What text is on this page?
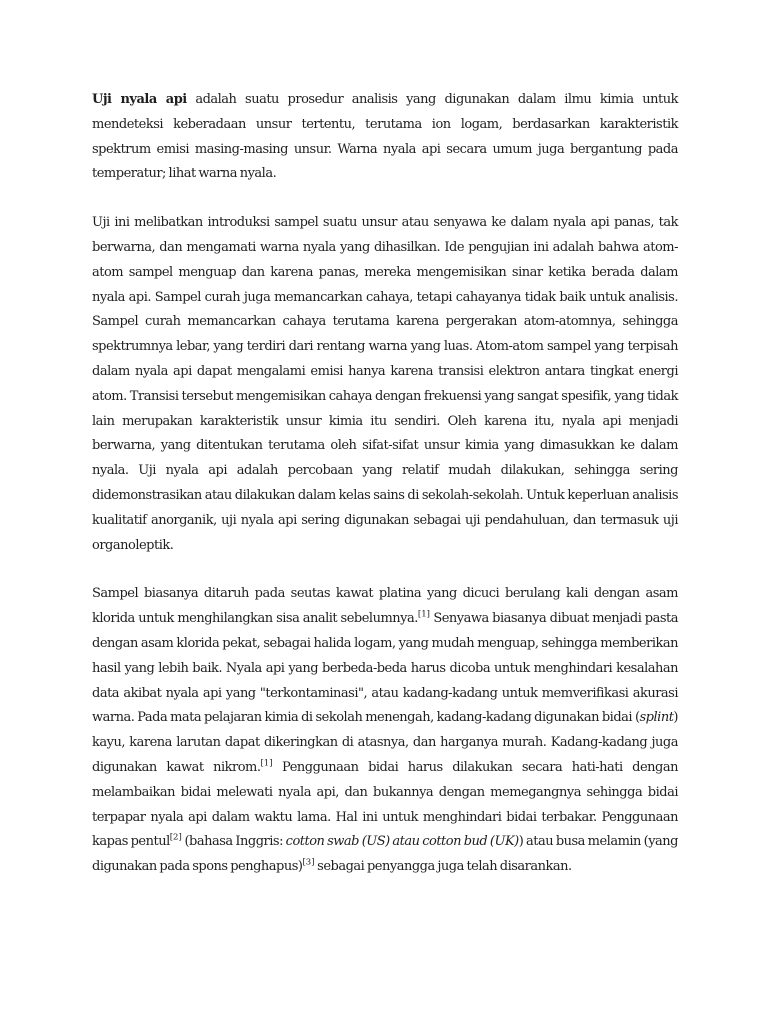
Uji nyala api adalah suatu prosedur analisis yang digunakan dalam ilmu kimia untuk mendeteksi keberadaan unsur tertentu, terutama ion logam, berdasarkan karakteristik spektrum emisi masing-masing unsur. Warna nyala api secara umum juga bergantung pada temperatur; lihat warna nyala.

Uji ini melibatkan introduksi sampel suatu unsur atau senyawa ke dalam nyala api panas, tak berwarna, dan mengamati warna nyala yang dihasilkan. Ide pengujian ini adalah bahwa atom-atom sampel menguap dan karena panas, mereka mengemisikan sinar ketika berada dalam nyala api. Sampel curah juga memancarkan cahaya, tetapi cahayanya tidak baik untuk analisis. Sampel curah memancarkan cahaya terutama karena pergerakan atom-atomnya, sehingga spektrumnya lebar, yang terdiri dari rentang warna yang luas. Atom-atom sampel yang terpisah dalam nyala api dapat mengalami emisi hanya karena transisi elektron antara tingkat energi atom. Transisi tersebut mengemisikan cahaya dengan frekuensi yang sangat spesifik, yang tidak lain merupakan karakteristik unsur kimia itu sendiri. Oleh karena itu, nyala api menjadi berwarna, yang ditentukan terutama oleh sifat-sifat unsur kimia yang dimasukkan ke dalam nyala. Uji nyala api adalah percobaan yang relatif mudah dilakukan, sehingga sering didemonstrasikan atau dilakukan dalam kelas sains di sekolah-sekolah. Untuk keperluan analisis kualitatif anorganik, uji nyala api sering digunakan sebagai uji pendahuluan, dan termasuk uji organoleptik.

Sampel biasanya ditaruh pada seutas kawat platina yang dicuci berulang kali dengan asam klorida untuk menghilangkan sisa analit sebelumnya.[1] Senyawa biasanya dibuat menjadi pasta dengan asam klorida pekat, sebagai halida logam, yang mudah menguap, sehingga memberikan hasil yang lebih baik. Nyala api yang berbeda-beda harus dicoba untuk menghindari kesalahan data akibat nyala api yang "terkontaminasi", atau kadang-kadang untuk memverifikasi akurasi warna. Pada mata pelajaran kimia di sekolah menengah, kadang-kadang digunakan bidai (splint) kayu, karena larutan dapat dikeringkan di atasnya, dan harganya murah. Kadang-kadang juga digunakan kawat nikrom.[1] Penggunaan bidai harus dilakukan secara hati-hati dengan melambaikan bidai melewati nyala api, dan bukannya dengan memegangnya sehingga bidai terpapar nyala api dalam waktu lama. Hal ini untuk menghindari bidai terbakar. Penggunaan kapas pentul[2] (bahasa Inggris: cotton swab (US) atau cotton bud (UK)) atau busa melamin (yang digunakan pada spons penghapus)[3] sebagai penyangga juga telah disarankan.
